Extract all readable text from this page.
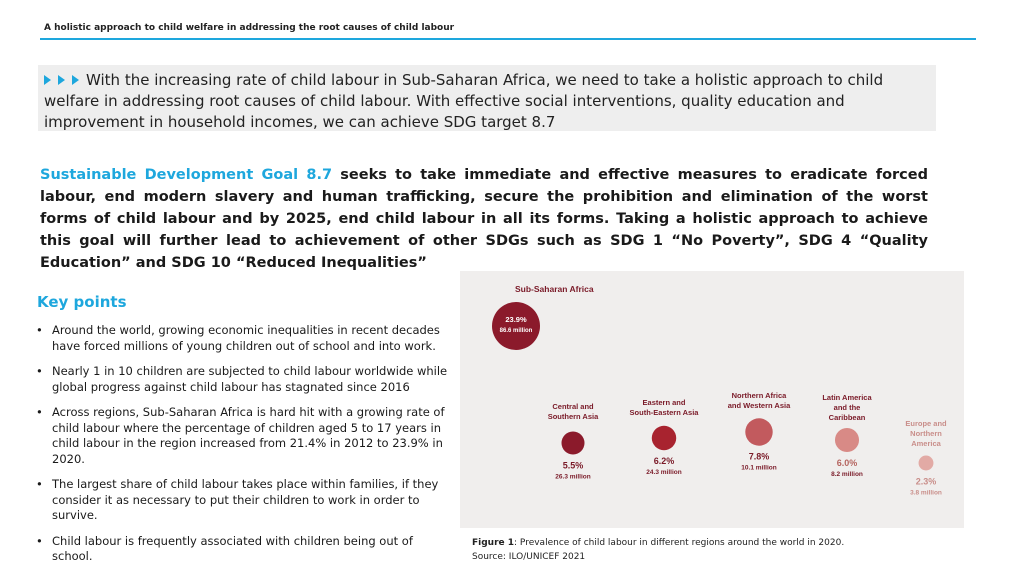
A holistic approach to child welfare in addressing the root causes of child labour
With the increasing rate of child labour in Sub-Saharan Africa, we need to take a holistic approach to child welfare in addressing root causes of child labour. With effective social interventions, quality education and improvement in household incomes, we can achieve SDG target 8.7
Sustainable Development Goal 8.7 seeks to take immediate and effective measures to eradicate forced labour, end modern slavery and human trafficking, secure the prohibition and elimination of the worst forms of child labour and by 2025, end child labour in all its forms. Taking a holistic approach to achieve this goal will further lead to achievement of other SDGs such as SDG 1 “No Poverty”, SDG 4 “Quality Education” and SDG 10 “Reduced Inequalities”
Key points
• Around the world, growing economic inequalities in recent decades have forced millions of young children out of school and into work.
• Nearly 1 in 10 children are subjected to child labour worldwide while global progress against child labour has stagnated since 2016
• Across regions, Sub-Saharan Africa is hard hit with a growing rate of child labour where the percentage of children aged 5 to 17 years in child labour in the region increased from 21.4% in 2012 to 23.9% in 2020.
• The largest share of child labour takes place within families, if they consider it as necessary to put their children to work in order to survive.
• Child labour is frequently associated with children being out of school.
Sub-Saharan Africa
23.9%
86.6 million
Central and
Southern Asia
5.5%
26.3 million
Eastern and
South-Eastern Asia
6.2%
24.3 million
Northern Africa
and Western Asia
7.8%
10.1 million
Latin America
and the
Caribbean
6.0%
8.2 million
Europe and
Northern
America
2.3%
3.8 million
Figure 1: Prevalence of child labour in different regions around the world in 2020.
Source: ILO/UNICEF 2021
